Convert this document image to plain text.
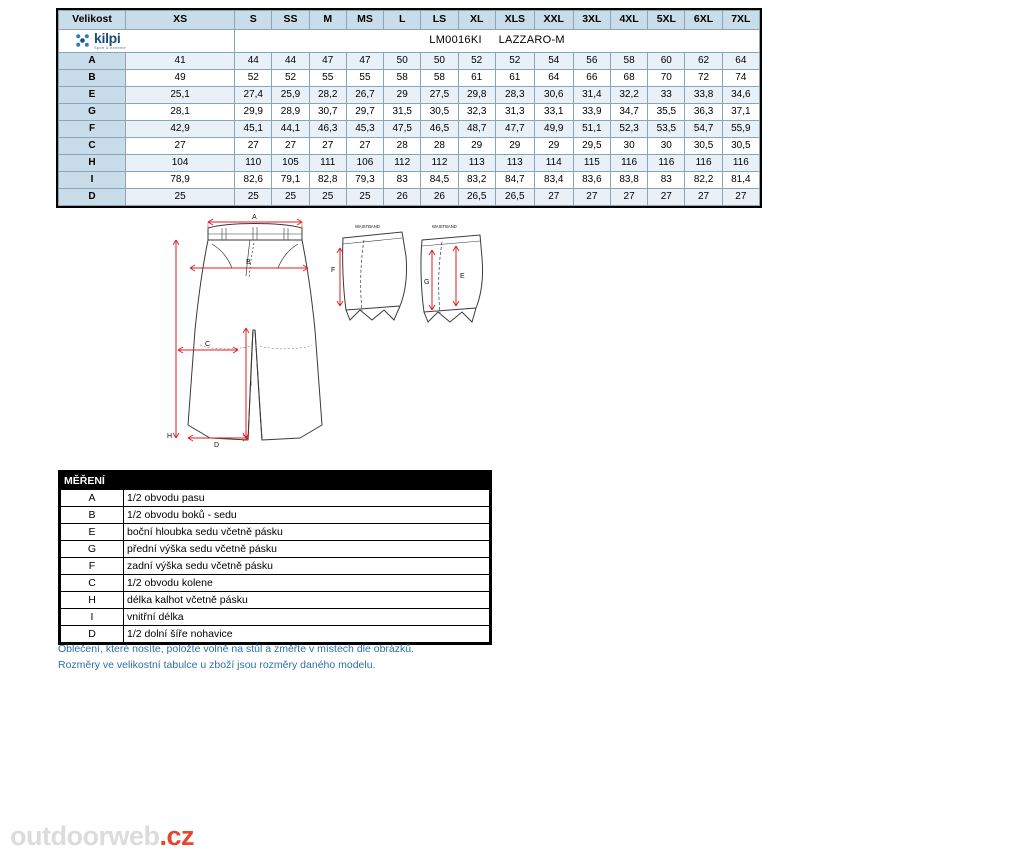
kilpi
Sport & extreme		LM0016KI LAZZARO-M													
Velikost	XS	S	SS	M	MS	L	LS	XL	XLS	XXL	3XL	4XL	5XL	6XL	7XL
A	41	44	44	47	47	50	50	52	52	54	56	58	60	62	64
B	49	52	52	55	55	58	58	61	61	64	66	68	70	72	74
E	25,1	27,4	25,9	28,2	26,7	29	27,5	29,8	28,3	30,6	31,4	32,2	33	33,8	34,6
G	28,1	29,9	28,9	30,7	29,7	31,5	30,5	32,3	31,3	33,1	33,9	34,7	35,5	36,3	37,1
F	42,9	45,1	44,1	46,3	45,3	47,5	46,5	48,7	47,7	49,9	51,1	52,3	53,5	54,7	55,9
C	27	27	27	27	27	28	28	29	29	29	29,5	30	30	30,5	30,5
H	104	110	105	111	106	112	112	113	113	114	115	116	116	116	116
I	78,9	82,6	79,1	82,8	79,3	83	84,5	83,2	84,7	83,4	83,6	83,8	83	82,2	81,4
D	25	25	25	25	25	26	26	26,5	26,5	27	27	27	27	27	27
WAISTBAND	WAISTBAND
A
B
C
D
H
I
F
G
E
MĚŘENÍ	
A	1/2 obvodu pasu
B	1/2 obvodu boků - sedu
E	boční hloubka sedu včetně pásku
G	přední výška sedu včetně pásku
F	zadní výška sedu včetně pásku
C	1/2 obvodu kolene
H	délka kalhot včetně pásku
I	vnitřní délka
D	1/2 dolní šíře nohavice
Oblečení, které nosíte, položte volně na stůl a změřte v místech dle obrázků.
Rozměry ve velikostní tabulce u zboží jsou rozměry daného modelu.
outdoorweb.cz
